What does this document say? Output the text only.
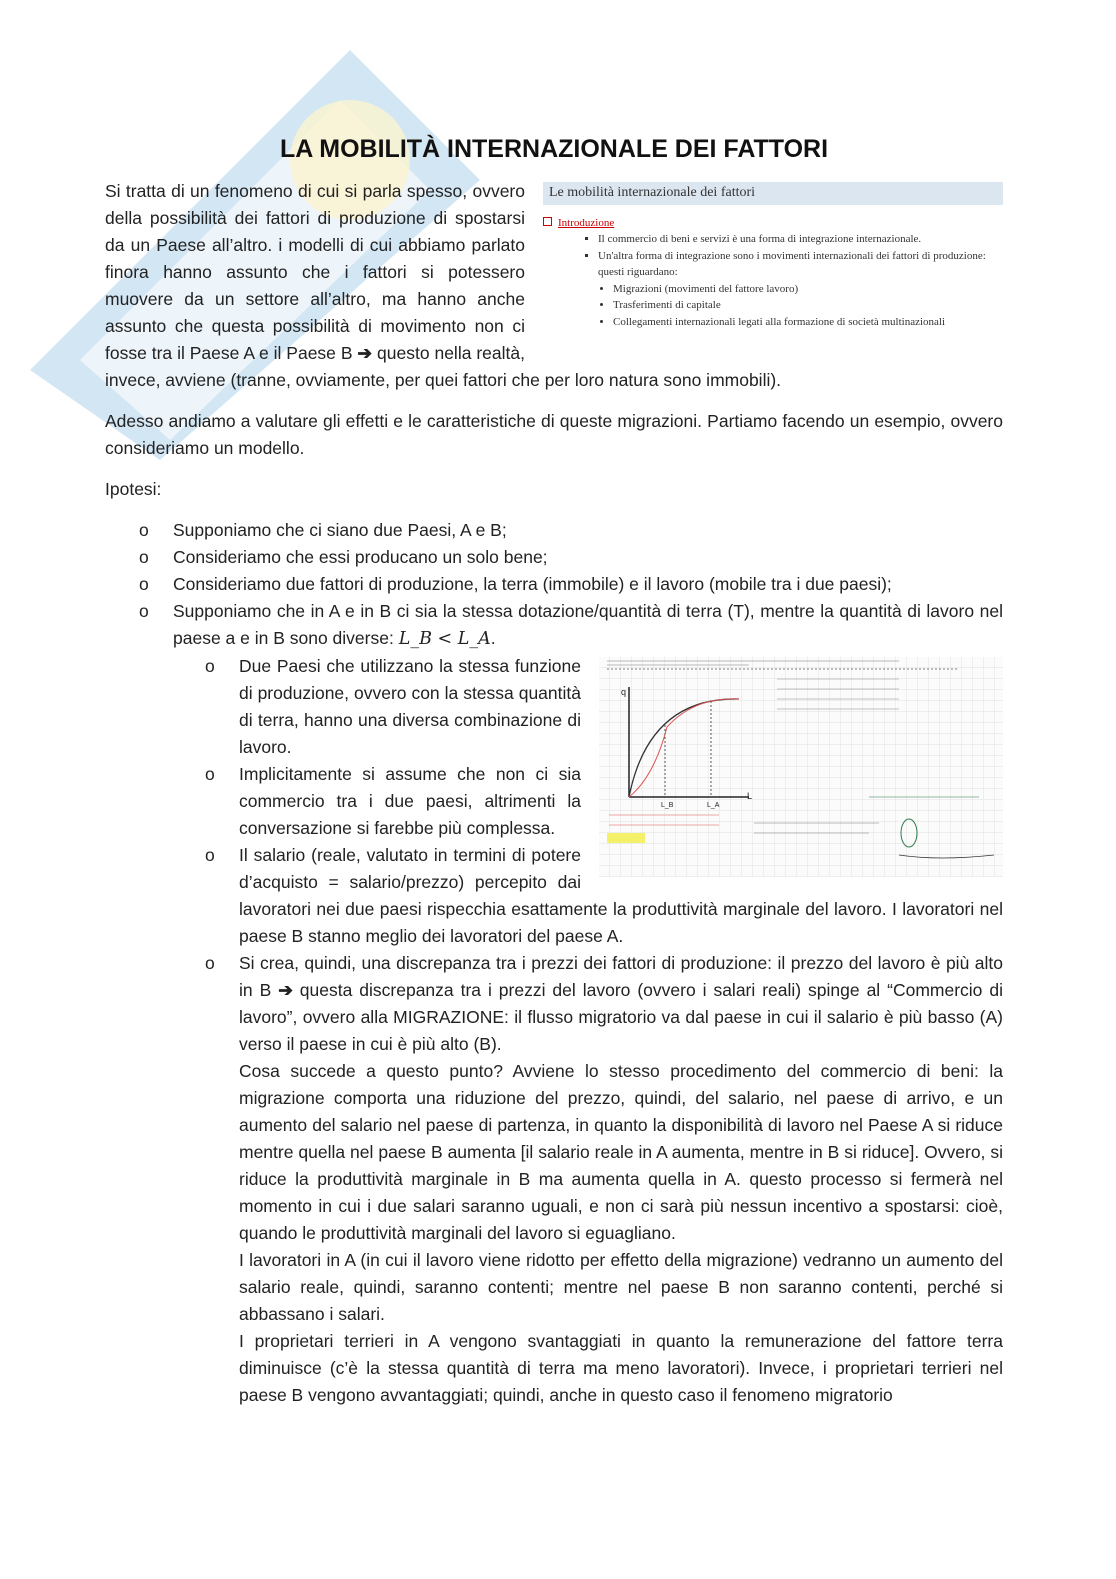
LA MOBILITÀ INTERNAZIONALE DEI FATTORI
Le mobilità internazionale dei fattori
Introduzione
▪ Il commercio di beni e servizi è una forma di integrazione internazionale.
▪ Un'altra forma di integrazione sono i movimenti internazionali dei fattori di produzione: questi riguardano:
• Migrazioni (movimenti del fattore lavoro)
• Trasferimenti di capitale
• Collegamenti internazionali legati alla formazione di società multinazionali

Si tratta di un fenomeno di cui si parla spesso, ovvero della possibilità dei fattori di produzione di spostarsi da un Paese all’altro. i modelli di cui abbiamo parlato finora hanno assunto che i fattori si potessero muovere da un settore all’altro, ma hanno anche assunto che questa possibilità di movimento non ci fosse tra il Paese A e il Paese B ➔ questo nella realtà, invece, avviene (tranne, ovviamente, per quei fattori che per loro natura sono immobili).

Adesso andiamo a valutare gli effetti e le caratteristiche di queste migrazioni. Partiamo facendo un esempio, ovvero consideriamo un modello.

Ipotesi:

o Supponiamo che ci siano due Paesi, A e B;
o Consideriamo che essi producano un solo bene;
o Consideriamo due fattori di produzione, la terra (immobile) e il lavoro (mobile tra i due paesi);
o Supponiamo che in A e in B ci sia la stessa dotazione/quantità di terra (T), mentre la quantità di lavoro nel paese a e in B sono diverse: L_B < L_A.
o q
L
L_B	L_A
Due Paesi che utilizzano la stessa funzione di produzione, ovvero con la stessa quantità di terra, hanno una diversa combinazione di lavoro.
o Implicitamente si assume che non ci sia commercio tra i due paesi, altrimenti la conversazione si farebbe più complessa.
o Il salario (reale, valutato in termini di potere d’acquisto = salario/prezzo) percepito dai lavoratori nei due paesi rispecchia esattamente la produttività marginale del lavoro. I lavoratori nel paese B stanno meglio dei lavoratori del paese A.
o Si crea, quindi, una discrepanza tra i prezzi dei fattori di produzione: il prezzo del lavoro è più alto in B ➔ questa discrepanza tra i prezzi del lavoro (ovvero i salari reali) spinge al “Commercio di lavoro”, ovvero alla MIGRAZIONE: il flusso migratorio va dal paese in cui il salario è più basso (A) verso il paese in cui è più alto (B).

Cosa succede a questo punto? Avviene lo stesso procedimento del commercio di beni: la migrazione comporta una riduzione del prezzo, quindi, del salario, nel paese di arrivo, e un aumento del salario nel paese di partenza, in quanto la disponibilità di lavoro nel Paese A si riduce mentre quella nel paese B aumenta [il salario reale in A aumenta, mentre in B si riduce]. Ovvero, si riduce la produttività marginale in B ma aumenta quella in A. questo processo si fermerà nel momento in cui i due salari saranno uguali, e non ci sarà più nessun incentivo a spostarsi: cioè, quando le produttività marginali del lavoro si eguagliano.

I lavoratori in A (in cui il lavoro viene ridotto per effetto della migrazione) vedranno un aumento del salario reale, quindi, saranno contenti; mentre nel paese B non saranno contenti, perché si abbassano i salari.

I proprietari terrieri in A vengono svantaggiati in quanto la remunerazione del fattore terra diminuisce (c’è la stessa quantità di terra ma meno lavoratori). Invece, i proprietari terrieri nel paese B vengono avvantaggiati; quindi, anche in questo caso il fenomeno migratorio
